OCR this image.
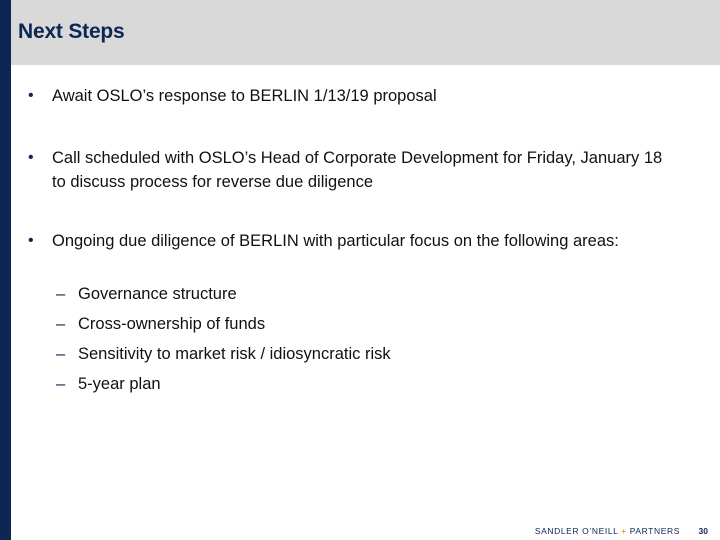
Next Steps
•	Await OSLO’s response to BERLIN 1/13/19 proposal
•	Call scheduled with OSLO’s Head of Corporate Development for Friday, January 18 to discuss process for reverse due diligence
•	Ongoing due diligence of BERLIN with particular focus on the following areas:
– Governance structure
– Cross-ownership of funds
– Sensitivity to market risk / idiosyncratic risk
– 5-year plan
SANDLER O’NEILL + PARTNERS 30
